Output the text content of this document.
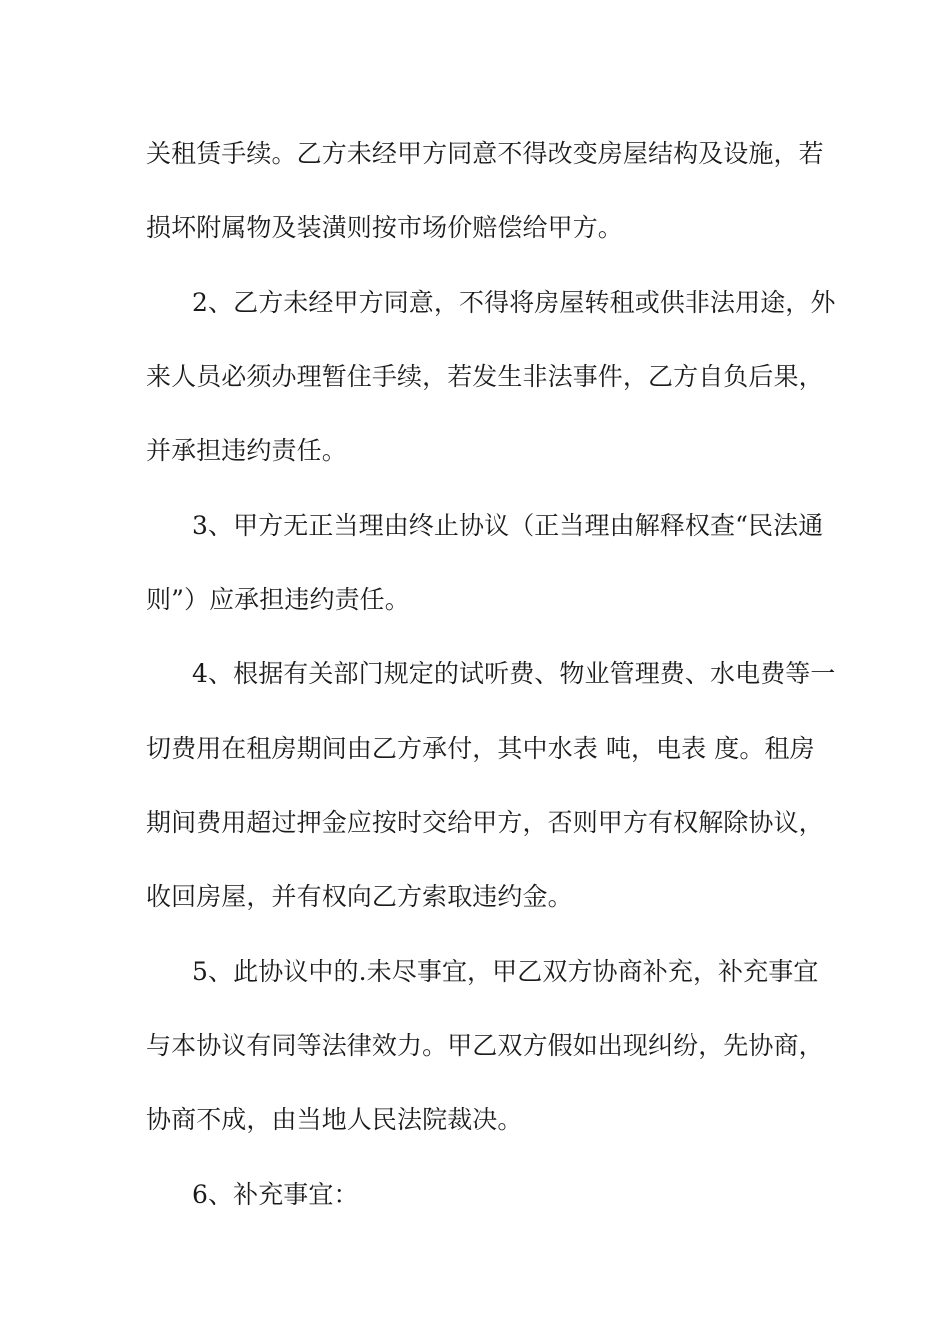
关租赁手续。乙方未经甲方同意不得改变房屋结构及设施，若
损坏附属物及装潢则按市场价赔偿给甲方。
2、乙方未经甲方同意，不得将房屋转租或供非法用途，外
来人员必须办理暂住手续，若发生非法事件，乙方自负后果，
并承担违约责任。
3、甲方无正当理由终止协议（正当理由解释权查“民法通
则”）应承担违约责任。
4、根据有关部门规定的试听费、物业管理费、水电费等一
切费用在租房期间由乙方承付，其中水表 吨，电表 度。租房
期间费用超过押金应按时交给甲方，否则甲方有权解除协议，
收回房屋，并有权向乙方索取违约金。
5、此协议中的.未尽事宜，甲乙双方协商补充，补充事宜
与本协议有同等法律效力。甲乙双方假如出现纠纷，先协商，
协商不成，由当地人民法院裁决。
6、补充事宜：
